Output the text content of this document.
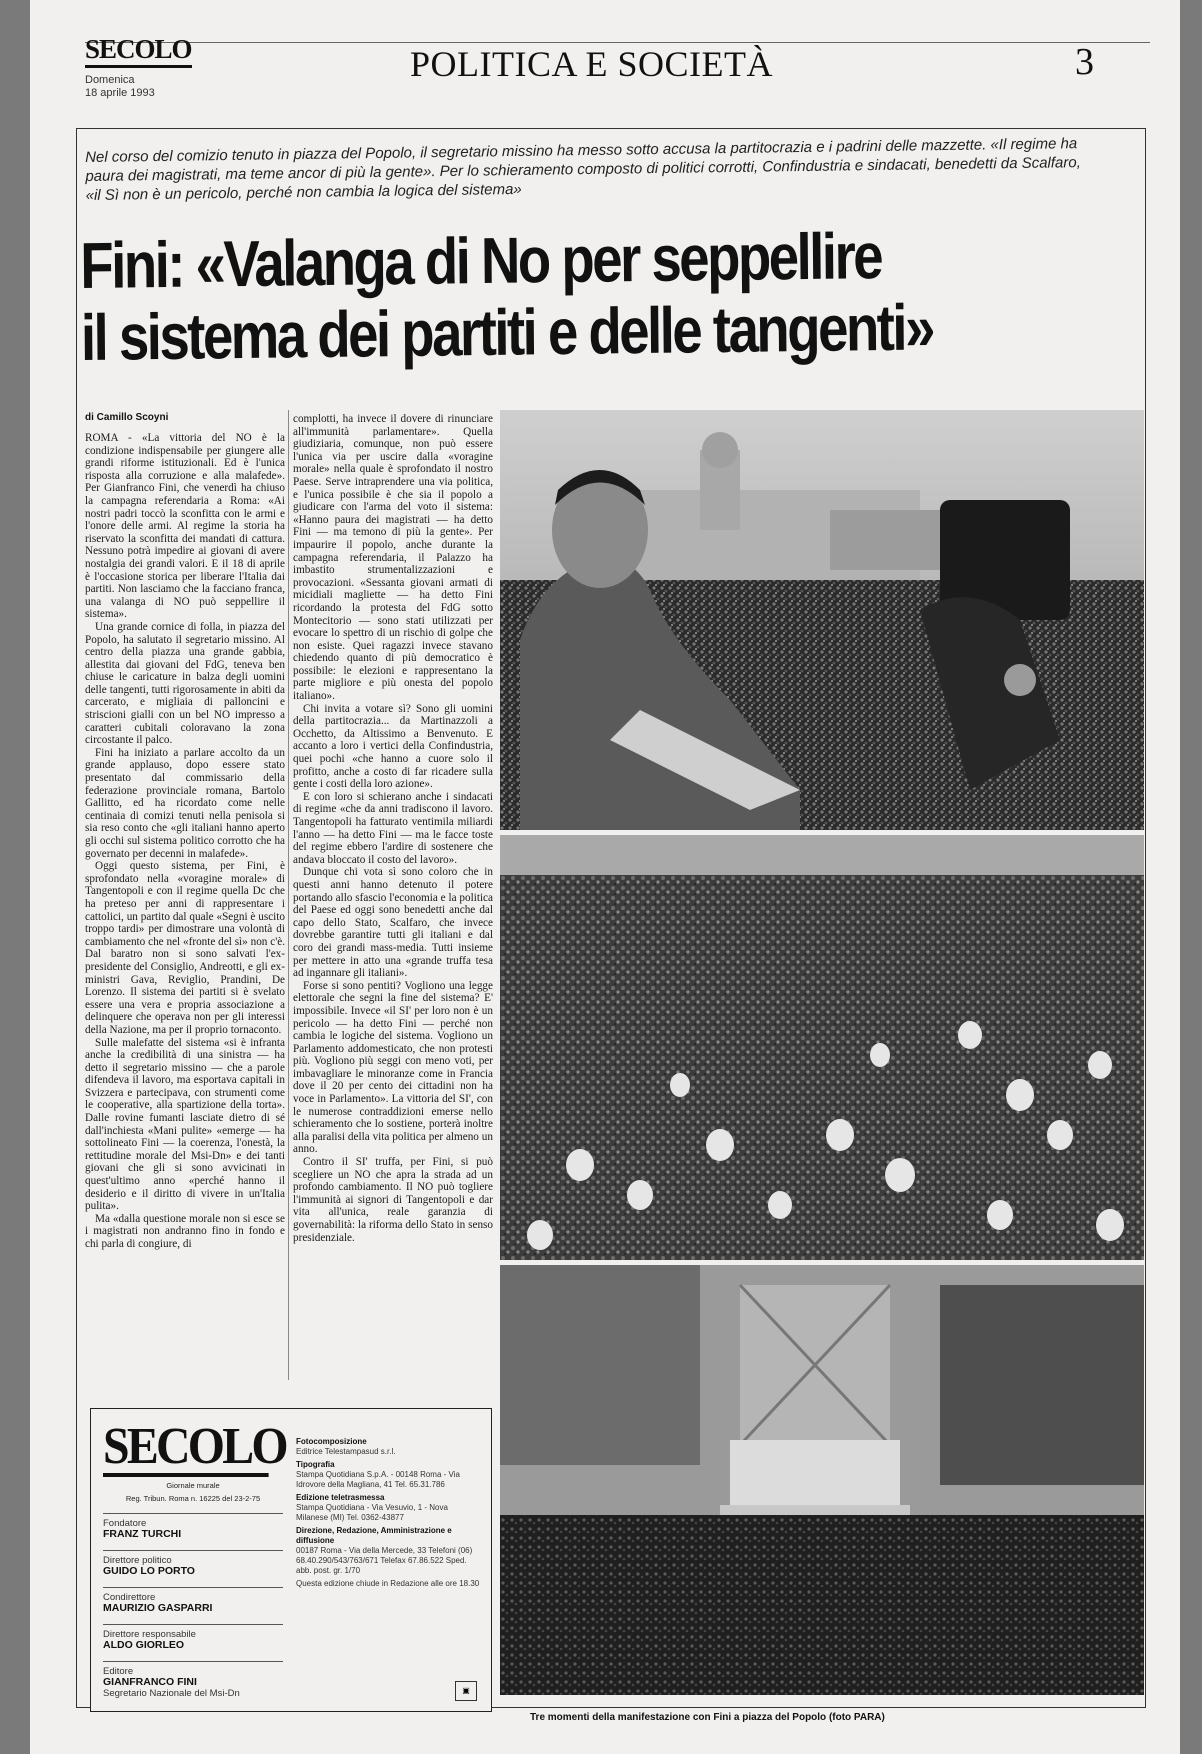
SECOLO
Domenica
18 aprile 1993
POLITICA E SOCIETÀ	3
Nel corso del comizio tenuto in piazza del Popolo, il segretario missino ha messo sotto accusa la partitocrazia e i padrini delle mazzette. «Il regime ha paura dei magistrati, ma teme ancor di più la gente». Per lo schieramento composto di politici corrotti, Confindustria e sindacati, benedetti da Scalfaro, «il Sì non è un pericolo, perché non cambia la logica del sistema»
Fini: «Valanga di No per seppellire
il sistema dei partiti e delle tangenti»
di Camillo Scoyni

ROMA - «La vittoria del NO è la condizione indispensabile per giungere alle grandi riforme istituzionali. Ed è l'unica risposta alla corruzione e alla malafede». Per Gianfranco Fini, che venerdì ha chiuso la campagna referendaria a Roma: «Ai nostri padri toccò la sconfitta con le armi e l'onore delle armi. Al regime la storia ha riservato la sconfitta dei mandati di cattura. Nessuno potrà impedire ai giovani di avere nostalgia dei grandi valori. E il 18 di aprile è l'occasione storica per liberare l'Italia dai partiti. Non lasciamo che la facciano franca, una valanga di NO può seppellire il sistema».

Una grande cornice di folla, in piazza del Popolo, ha salutato il segretario missino. Al centro della piazza una grande gabbia, allestita dai giovani del FdG, teneva ben chiuse le caricature in balza degli uomini delle tangenti, tutti rigorosamente in abiti da carcerato, e migliaia di palloncini e striscioni gialli con un bel NO impresso a caratteri cubitali coloravano la zona circostante il palco.

Fini ha iniziato a parlare accolto da un grande applauso, dopo essere stato presentato dal commissario della federazione provinciale romana, Bartolo Gallitto, ed ha ricordato come nelle centinaia di comizi tenuti nella penisola si sia reso conto che «gli italiani hanno aperto gli occhi sul sistema politico corrotto che ha governato per decenni in malafede».

Oggi questo sistema, per Fini, è sprofondato nella «voragine morale» di Tangentopoli e con il regime quella Dc che ha preteso per anni di rappresentare i cattolici, un partito dal quale «Segni è uscito troppo tardi» per dimostrare una volontà di cambiamento che nel «fronte del sì» non c'è. Dal baratro non si sono salvati l'ex-presidente del Consiglio, Andreotti, e gli ex-ministri Gava, Reviglio, Prandini, De Lorenzo. Il sistema dei partiti si è svelato essere una vera e propria associazione a delinquere che operava non per gli interessi della Nazione, ma per il proprio tornaconto.

Sulle malefatte del sistema «si è infranta anche la credibilità di una sinistra — ha detto il segretario missino — che a parole difendeva il lavoro, ma esportava capitali in Svizzera e partecipava, con strumenti come le cooperative, alla spartizione della torta». Dalle rovine fumanti lasciate dietro di sé dall'inchiesta «Mani pulite» «emerge — ha sottolineato Fini — la coerenza, l'onestà, la rettitudine morale del Msi-Dn» e dei tanti giovani che gli si sono avvicinati in quest'ultimo anno «perché hanno il desiderio e il diritto di vivere in un'Italia pulita».

Ma «dalla questione morale non si esce se i magistrati non andranno fino in fondo e chi parla di congiure, di

complotti, ha invece il dovere di rinunciare all'immunità parlamentare». Quella giudiziaria, comunque, non può essere l'unica via per uscire dalla «voragine morale» nella quale è sprofondato il nostro Paese. Serve intraprendere una via politica, e l'unica possibile è che sia il popolo a giudicare con l'arma del voto il sistema: «Hanno paura dei magistrati — ha detto Fini — ma temono di più la gente». Per impaurire il popolo, anche durante la campagna referendaria, il Palazzo ha imbastito strumentalizzazioni e provocazioni. «Sessanta giovani armati di micidiali magliette — ha detto Fini ricordando la protesta del FdG sotto Montecitorio — sono stati utilizzati per evocare lo spettro di un rischio di golpe che non esiste. Quei ragazzi invece stavano chiedendo quanto di più democratico è possibile: le elezioni e rappresentano la parte migliore e più onesta del popolo italiano».

Chi invita a votare sì? Sono gli uomini della partitocrazia... da Martinazzoli a Occhetto, da Altissimo a Benvenuto. E accanto a loro i vertici della Confindustria, quei pochi «che hanno a cuore solo il profitto, anche a costo di far ricadere sulla gente i costi della loro azione».

E con loro si schierano anche i sindacati di regime «che da anni tradiscono il lavoro. Tangentopoli ha fatturato ventimila miliardi l'anno — ha detto Fini — ma le facce toste del regime ebbero l'ardire di sostenere che andava bloccato il costo del lavoro».

Dunque chi vota sì sono coloro che in questi anni hanno detenuto il potere portando allo sfascio l'economia e la politica del Paese ed oggi sono benedetti anche dal capo dello Stato, Scalfaro, che invece dovrebbe garantire tutti gli italiani e dal coro dei grandi mass-media. Tutti insieme per mettere in atto una «grande truffa tesa ad ingannare gli italiani».

Forse si sono pentiti? Vogliono una legge elettorale che segni la fine del sistema? E' impossibile. Invece «il SI' per loro non è un pericolo — ha detto Fini — perché non cambia le logiche del sistema. Vogliono un Parlamento addomesticato, che non protesti più. Vogliono più seggi con meno voti, per imbavagliare le minoranze come in Francia dove il 20 per cento dei cittadini non ha voce in Parlamento». La vittoria del SI', con le numerose contraddizioni emerse nello schieramento che lo sostiene, porterà inoltre alla paralisi della vita politica per almeno un anno.

Contro il SI' truffa, per Fini, si può scegliere un NO che apra la strada ad un profondo cambiamento. Il NO può togliere l'immunità ai signori di Tangentopoli e dar vita all'unica, reale garanzia di governabilità: la riforma dello Stato in senso presidenziale.

Tre momenti della manifestazione con Fini a piazza del Popolo (foto PARA)
SECOLO
Giornale murale
Reg. Tribun. Roma n. 16225 del 23-2-75
Fondatore
FRANZ TURCHI
Direttore politico
GUIDO LO PORTO
Condirettore
MAURIZIO GASPARRI
Direttore responsabile
ALDO GIORLEO
Editore
GIANFRANCO FINI
Segretario Nazionale del Msi-Dn
Fotocomposizione
Editrice Telestampasud s.r.l.
Tipografia
Stampa Quotidiana S.p.A. - 00148 Roma - Via Idrovore della Magliana, 41 Tel. 65.31.786
Edizione teletrasmessa
Stampa Quotidiana - Via Vesuvio, 1 - Nova Milanese (MI) Tel. 0362-43877
Direzione, Redazione, Amministrazione e diffusione
00187 Roma - Via della Mercede, 33 Telefoni (06) 68.40.290/543/763/671 Telefax 67.86.522 Sped. abb. post. gr. 1/70
Questa edizione chiude in Redazione alle ore 18.30
▣
